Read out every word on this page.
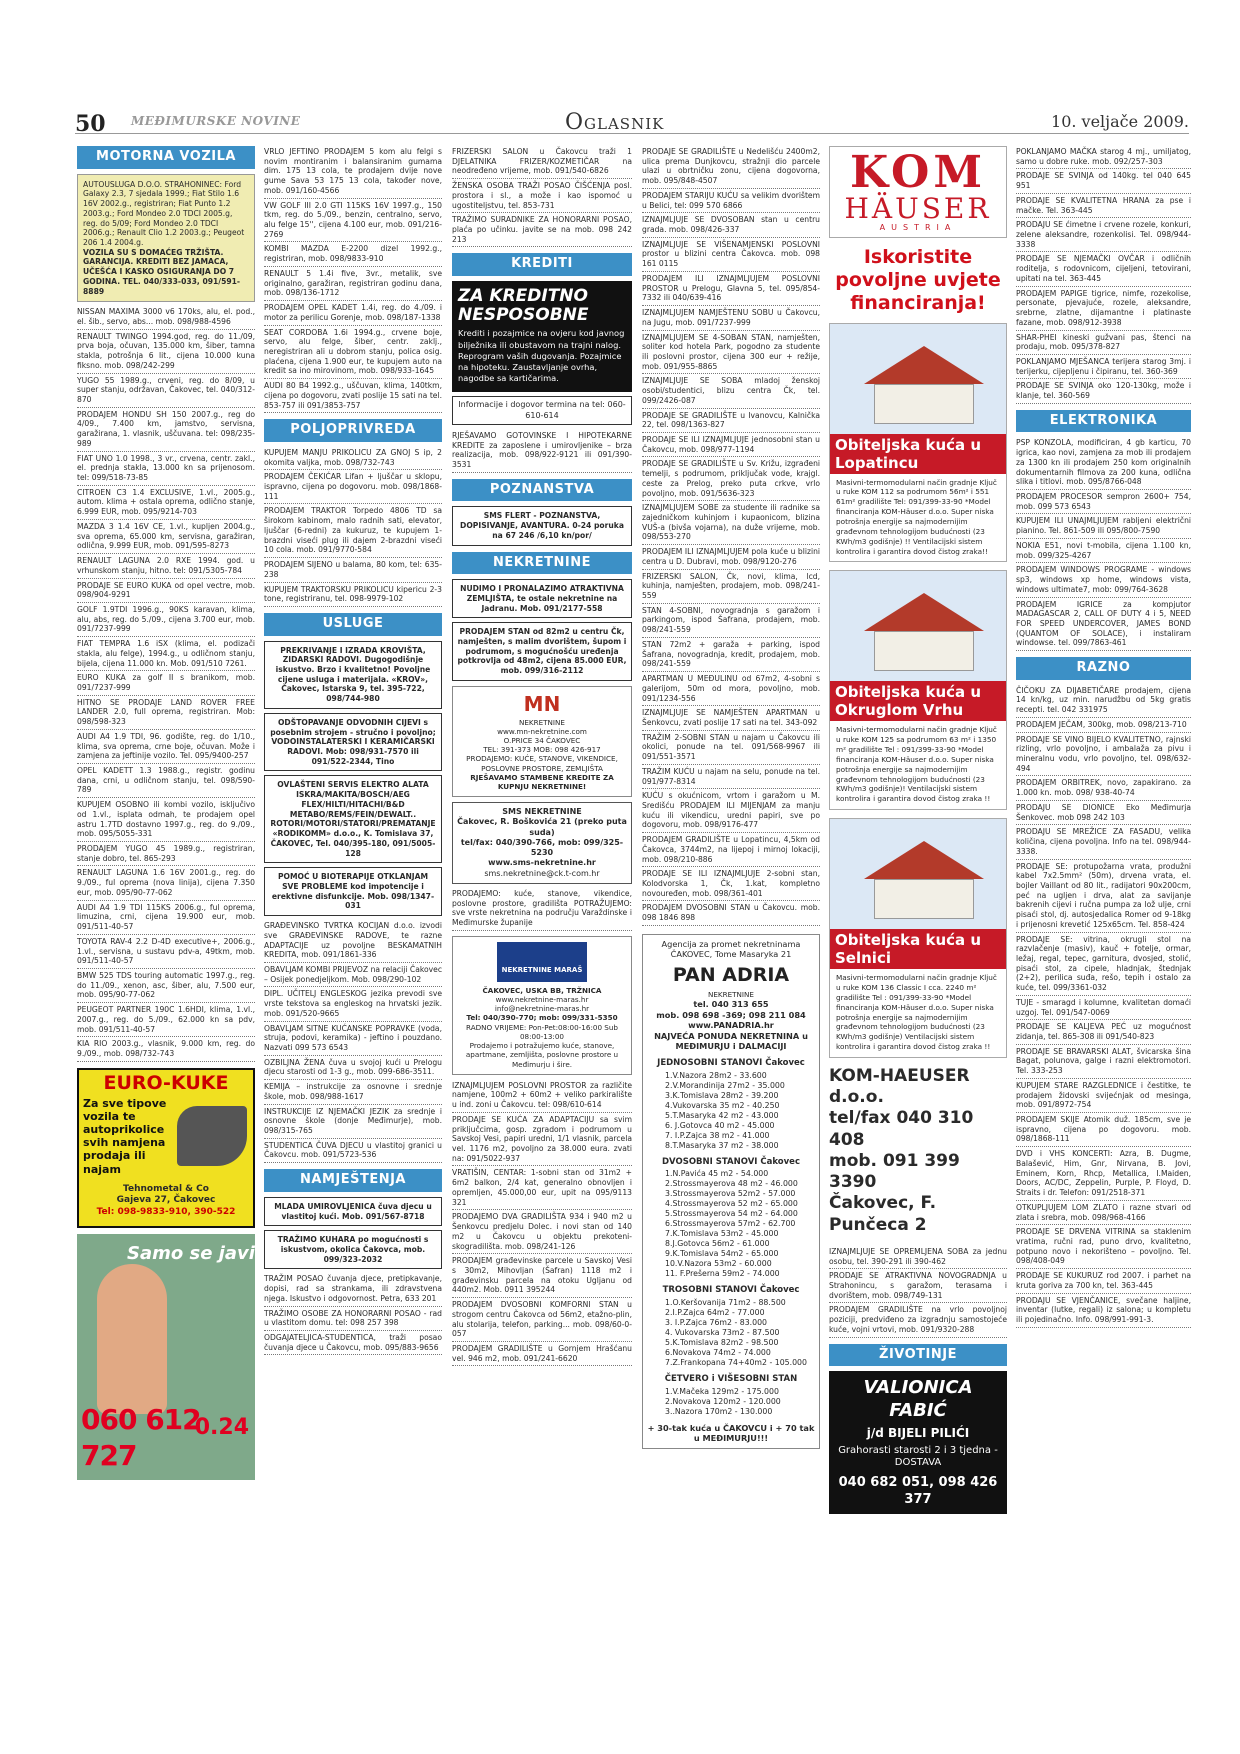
50 MEĐIMURSKE NOVINE	Oglasnik	10. veljače 2009.
MOTORNA VOZILA
AUTOUSLUGA D.O.O. STRAHONINEC: Ford Galaxy 2.3, 7 sjedala 1999.; Fiat Stilo 1.6 16V 2002.g., registriran; Fiat Punto 1.2 2003.g.; Ford Mondeo 2.0 TDCI 2005.g, reg. do 5/09; Ford Mondeo 2.0 TDCI 2006.g.; Renault Clio 1.2 2003.g.; Peugeot 206 1.4 2004.g.
VOZILA SU S DOMAĆEG TRŽIŠTA. GARANCIJA. KREDITI BEZ JAMACA, UČEŠĆA I KASKO OSIGURANJA DO 7 GODINA. TEL. 040/333-033, 091/591-8889
NISSAN MAXIMA 3000 v6 170ks, alu, el. pod., el. šib., servo, abs... mob. 098/988-4596
RENAULT TWINGO 1994.god, reg. do 11./09, prva boja, očuvan, 135.000 km, šiber, tamna stakla, potrošnja 6 lit., cijena 10.000 kuna fiksno. mob. 098/242-299
YUGO 55 1989.g., crveni, reg. do 8/09, u super stanju, održavan, Čakovec, tel. 040/312-870
PRODAJEM HONDU SH 150 2007.g., reg do 4/09., 7.400 km, jamstvo, servisna, garažirana, 1. vlasnik, uščuvana. tel: 098/235-989
FIAT UNO 1.0 1998., 3 vr., crvena, centr. zakl., el. prednja stakla, 13.000 kn sa prijenosom. tel: 099/518-73-85
CITROEN C3 1.4 EXCLUSIVE, 1.vl., 2005.g., autom. klima + ostala oprema, odlično stanje, 6.999 EUR, mob. 095/9214-703
MAZDA 3 1.4 16V CE, 1.vl., kupljen 2004.g., sva oprema, 65.000 km, servisna, garažiran, odlična, 9.999 EUR, mob. 091/595-8273
RENAULT LAGUNA 2.0 RXE 1994. god. u vrhunskom stanju, hitno. tel: 091/5305-784
PRODAJE SE EURO KUKA od opel vectre, mob. 098/904-9291
GOLF 1.9TDI 1996.g., 90KS karavan, klima, alu, abs, reg. do 5./09., cijena 3.700 eur, mob. 091/7237-999
FIAT TEMPRA 1.6 iSX (klima, el. podizači stakla, alu felge), 1994.g., u odličnom stanju, bijela, cijena 11.000 kn. Mob. 091/510 7261.
EURO KUKA za golf II s branikom, mob. 091/7237-999
HITNO SE PRODAJE LAND ROVER FREE LANDER 2.0, full oprema, registriran. Mob: 098/598-323
AUDI A4 1.9 TDI, 96. godište, reg. do 1/10., klima, sva oprema, crne boje, očuvan. Može i zamjena za jeftinije vozilo. Tel. 095/9400-257
OPEL KADETT 1.3 1988.g., registr. godinu dana, crni, u odličnom stanju, tel. 098/590-789
KUPUJEM OSOBNO ili kombi vozilo, isključivo od 1.vl., isplata odmah, te prodajem opel astru 1.7TD dostavno 1997.g., reg. do 9./09., mob. 095/5055-331
PRODAJEM YUGO 45 1989.g., registriran, stanje dobro, tel. 865-293
RENAULT LAGUNA 1.6 16V 2001.g., reg. do 9./09., ful oprema (nova linija), cijena 7.350 eur, mob. 095/90-77-062
AUDI A4 1.9 TDI 115KS 2006.g., ful oprema, limuzina, crni, cijena 19.900 eur, mob. 091/511-40-57
TOYOTA RAV-4 2.2 D-4D executive+, 2006.g., 1.vl., servisna, u sustavu pdv-a, 49tkm, mob. 091/511-40-57
BMW 525 TDS touring automatic 1997.g., reg. do 11./09., xenon, asc, šiber, alu, 7.500 eur, mob. 095/90-77-062
PEUGEOT PARTNER 190C 1.6HDI, klima, 1.vl., 2007.g., reg. do 5./09., 62.000 kn sa pdv, mob. 091/511-40-57
KIA RIO 2003.g., vlasnik, 9.000 km, reg. do 9./09., mob. 098/732-743
EURO-KUKE
Za sve tipove vozila te autoprikolice svih namjena prodaja ili najam
Tehnometal & Co
Gajeva 27, Čakovec
Tel: 098-9833-910, 390-522
Samo se javi
0.24
060 612 727
VRLO JEFTINO PRODAJEM 5 kom alu felgi s novim montiranim i balansiranim gumama dim. 175 13 cola, te prodajem dvije nove gume Sava 53 175 13 cola, također nove, mob. 091/160-4566
VW GOLF III 2.0 GTI 115KS 16V 1997.g., 150 tkm, reg. do 5./09., benzin, centralno, servo, alu felge 15'', cijena 4.100 eur, mob. 091/216-2769
KOMBI MAZDA E-2200 dizel 1992.g., registriran, mob. 098/9833-910
RENAULT 5 1.4i five, 3vr., metalik, sve originalno, garažiran, registriran godinu dana, mob. 098/136-1712
PRODAJEM OPEL KADET 1.4i, reg. do 4./09. i motor za perilicu Gorenje, mob. 098/187-1338
SEAT CORDOBA 1.6i 1994.g., crvene boje, servo, alu felge, šiber, centr. zaklj., neregistriran ali u dobrom stanju, polica osig. plaćena, cijena 1.900 eur, te kupujem auto na kredit sa ino mirovinom, mob. 098/933-1645
AUDI 80 B4 1992.g., uščuvan, klima, 140tkm, cijena po dogovoru, zvati poslije 15 sati na tel. 853-757 ili 091/3853-757
POLJOPRIVREDA
KUPUJEM MANJU PRIKOLICU ZA GNOJ S ip, 2 okomita valjka, mob. 098/732-743
PRODAJEM ČEKIĆAR Lifan + ljuščar u sklopu, ispravno, cijena po dogovoru. mob. 098/1868-111
PRODAJEM TRAKTOR Torpedo 4806 TD sa širokom kabinom, malo radnih sati, elevator, ljuščar (6-redni) za kukuruz, te kupujem 1-brazdni viseći plug ili dajem 2-brazdni viseći 10 cola. mob. 091/9770-584
PRODAJEM SIJENO u balama, 80 kom, tel: 635-238
KUPUJEM TRAKTORSKU PRIKOLICU kipericu 2-3 tone, registriranu, tel. 098-9979-102
USLUGE
PREKRIVANJE I IZRADA KROVIŠTA, ZIDARSKI RADOVI. Dugogodišnje iskustvo. Brzo i kvalitetno! Povoljne cijene usluga i materijala. «KROV», Čakovec, Istarska 9, tel. 395-722, 098/744-980
ODŠTOPAVANJE ODVODNIH CIJEVI s posebnim strojem - stručno i povoljno; VODOINSTALATERSKI I KERAMIČARSKI RADOVI. Mob: 098/931-7570 ili 091/522-2344, Tino
OVLAŠTENI SERVIS ELEKTRO ALATA ISKRA/MAKITA/BOSCH/AEG FLEX/HILTI/HITACHI/B&D METABO/REMS/FEIN/DEWALT.. ROTORI/MOTORI/STATORI/PREMATANJE «RODIKOMM» d.o.o., K. Tomislava 37, ČAKOVEC, Tel. 040/395-180, 091/5005-128
POMOĆ U BIOTERAPIJE OTKLANJAM SVE PROBLEME kod impotencije i erektivne disfunkcije. Mob. 098/1347-031
GRAĐEVINSKO TVRTKA KOCIJAN d.o.o. izvodi sve GRAĐEVINSKE RADOVE, te razne ADAPTACIJE uz povoljne BESKAMATNIH KREDITA, mob. 091/1861-336
OBAVLJAM KOMBI PRIJEVOZ na relaciji Čakovec – Osijek ponedjeljkom. Mob. 098/290-102
DIPL. UČITELJ ENGLESKOG jezika prevodi sve vrste tekstova sa engleskog na hrvatski jezik. mob. 091/520-9665
OBAVLJAM SITNE KUĆANSKE POPRAVKE (voda, struja, podovi, keramika) - jeftino i pouzdano. Nazvati 099 573 6543
OZBILJNA ŽENA čuva u svojoj kući u Prelogu djecu starosti od 1-3 g., mob. 099-686-3511.
KEMIJA – instrukcije za osnovne i srednje škole, mob. 098/988-1617
INSTRUKCIJE IZ NJEMAČKI JEZIK za srednje i osnovne škole (donje Međimurje), mob. 098/315-765
STUDENTICA ČUVA DJECU u vlastitoj granici u Čakovcu. mob. 091/5723-536
NAMJEŠTENJA
MLADA UMIROVLJENICA čuva djecu u vlastitoj kući. Mob. 091/567-8718
TRAŽIMO KUHARA po mogućnosti s iskustvom, okolica Čakovca, mob. 099/323-2032
TRAŽIM POSAO čuvanja djece, pretipkavanje, dopisi, rad sa strankama, ili zdravstvena njega. Iskustvo i odgovornost. Petra, 633 201
TRAŽIMO OSOBE ZA HONORARNI POSAO - rad u vlastitom domu. tel: 098 257 398
ODGAJATELJICA-STUDENTICA, traži posao čuvanja djece u Čakovcu, mob. 095/883-9656
FRIZERSKI SALON u Čakovcu traži 1 DJELATNIKA FRIZER/KOZMETIČAR na neodređeno vrijeme, mob. 091/540-6826
ŽENSKA OSOBA TRAŽI POSAO ČIŠĆENJA posl. prostora i sl., a može i kao ispomoć u ugostiteljstvu, tel. 853-731
TRAŽIMO SURADNIKE ZA HONORARNI POSAO, plaća po učinku. javite se na mob. 098 242 213
KREDITI
ZA KREDITNO NESPOSOBNE

Krediti i pozajmice na ovjeru kod javnog bilježnika ili obustavom na trajni nalog. Reprogram vaših dugovanja. Pozajmice na hipoteku. Zaustavljanje ovrha, nagodbe sa kartičarima.

Informacije i dogovor termina na tel: 060-610-614
RJEŠAVAMO GOTOVINSKE I HIPOTEKARNE KREDITE za zaposlene i umirovljenike – brza realizacija, mob. 098/922-9121 ili 091/390-3531
POZNANSTVA
SMS FLERT - POZNANSTVA, DOPISIVANJE, AVANTURA. 0-24 poruka na 67 246 /6,10 kn/por/
NEKRETNINE
NUDIMO I PRONALAZIMO ATRAKTIVNA ZEMLJIŠTA, te ostale nekretnine na Jadranu. Mob. 091/2177-558
PRODAJEM STAN od 82m2 u centru Čk, namješten, s malim dvorištem, šupom i podrumom, s mogućnošću uređenja potkrovlja od 48m2, cijena 85.000 EUR, mob. 099/316-2112
MN
NEKRETNINE
www.mn-nekretnine.com
O.PRICE 34 ČAKOVEC
TEL: 391-373 MOB: 098 426-917
PRODAJEMO: KUĆE, STANOVE, VIKENDICE, POSLOVNE PROSTORE, ZEMLJIŠTA
RJEŠAVAMO STAMBENE KREDITE ZA KUPNJU NEKRETNINE!
SMS NEKRETNINE
Čakovec, R. Boškovića 21 (preko puta suda)
tel/fax: 040/390-766, mob: 099/325-5230
www.sms-nekretnine.hr
sms.nekretnine@ck.t-com.hr
PRODAJEMO: kuće, stanove, vikendice, poslovne prostore, gradilišta POTRAŽUJEMO: sve vrste nekretnina na području Varaždinske i Međimurske županije
NEKRETNINE MARAŠ
ČAKOVEC, USKA BB, TRŽNICA
www.nekretnine-maras.hr
info@nekretnine-maras.hr
Tel: 040/390-770; mob: 099/331-5350
RADNO VRIJEME: Pon-Pet:08:00-16:00 Sub 08:00-13:00
Prodajemo i potražujemo kuće, stanove, apartmane, zemljišta, poslovne prostore u Međimurju i šire.
IZNAJMLJUJEM POSLOVNI PROSTOR za različite namjene, 100m2 + 60m2 + veliko parkiralište u ind. zoni u Čakovcu. tel: 098/610-614
PRODAJE SE KUĆA ZA ADAPTACIJU sa svim priključcima, gosp. zgradom i podrumom u Savskoj Vesi, papiri uredni, 1/1 vlasnik, parcela vel. 1176 m2, povoljno za 38.000 eura. zvati na: 091/5022-937
VRATIŠIN, CENTAR: 1-sobni stan od 31m2 + 6m2 balkon, 2/4 kat, generalno obnovljen i opremljen, 45.000,00 eur, upit na 095/9113 321
PRODAJEMO DVA GRADILIŠTA 934 i 940 m2 u Šenkovcu predjelu Dolec. i novi stan od 140 m2 u Čakovcu u objektu prekoteni-skogradilišta. mob. 098/241-126
PRODAJEM građevinske parcele u Savskoj Vesi s 30m2, Mihovljan (Šafran) 1118 m2 i građevinsku parcela na otoku Ugljanu od 440m2. Mob. 0911 395244
PRODAJEM DVOSOBNI KOMFORNI STAN u strogom centru Čakovca od 56m2, etažno-plin, alu stolarija, telefon, parking... mob. 098/60-0-057
PRODAJEM GRADILIŠTE u Gornjem Hrašćanu vel. 946 m2, mob. 091/241-6620
PRODAJE SE GRADILIŠTE u Nedelišću 2400m2, ulica prema Dunjkovcu, stražnji dio parcele ulazi u obrtničku zonu, cijena dogovorna, mob. 095/848-4507
PRODAJEM STARIJU KUĆU sa velikim dvorištem u Belici, tel: 099 570 6866
IZNAJMLJUJE SE DVOSOBAN stan u centru grada. mob. 098/426-337
IZNAJMLJUJE SE VIŠENAMJENSKI POSLOVNI prostor u blizini centra Čakovca. mob. 098 161 0115
PRODAJEM ILI IZNAJMLJUJEM POSLOVNI PROSTOR u Prelogu, Glavna 5, tel. 095/854-7332 ili 040/639-416
IZNAJMLJUJEM NAMJEŠTENU SOBU u Čakovcu, na Jugu, mob. 091/7237-999
IZNAJMLJUJEM SE 4-SOBAN STAN, namješten, soliter kod hotela Park, pogodno za studente ili poslovni prostor, cijena 300 eur + režije, mob. 091/955-8865
IZNAJMLJUJE SE SOBA mladoj ženskoj osobi/studentici, blizu centra Čk, tel. 099/2426-087
PRODAJE SE GRADILIŠTE u Ivanovcu, Kalnička 22, tel. 098/1363-827
PRODAJE SE ILI IZNAJMLJUJE jednosobni stan u Čakovcu, mob. 098/977-1194
PRODAJE SE GRADILIŠTE u Sv. Križu, izgrađeni temelji, s podrumom, priključak vode, krajgl. ceste za Prelog, preko puta crkve, vrlo povoljno, mob. 091/5636-323
IZNAJMLJUJEM SOBE za studente ili radnike sa zajedničkom kuhinjom i kupaonicom, blizina VUŠ-a (bivša vojarna), na duže vrijeme, mob. 098/553-270
PRODAJEM ILI IZNAJMLJUJEM pola kuće u blizini centra u D. Dubravi, mob. 098/9120-276
FRIZERSKI SALON, Čk, novi, klima, lcd, kuhinja, namješten, prodajem, mob. 098/241-559
STAN 4-SOBNI, novogradnja s garažom i parkingom, ispod Šafrana, prodajem, mob. 098/241-559
STAN 72m2 + garaža + parking, ispod Šafrana, novogradnja, kredit, prodajem, mob. 098/241-559
APARTMAN U MEĐULINU od 67m2, 4-sobni s galerijom, 50m od mora, povoljno, mob. 091/1234-556
IZNAJMLJUJE SE NAMJEŠTEN APARTMAN u Šenkovcu, zvati poslije 17 sati na tel. 343-092
TRAŽIM 2-SOBNI STAN u najam u Čakovcu ili okolici, ponude na tel. 091/568-9967 ili 091/551-3571
TRAŽIM KUĆU u najam na selu, ponude na tel. 091/977-8314
KUĆU s okućnicom, vrtom i garažom u M. Središću PRODAJEM ILI MIJENJAM za manju kuću ili vikendicu, uredni papiri, sve po dogovoru, mob. 098/9176-477
PRODAJEM GRADILIŠTE u Lopatincu, 4,5km od Čakovca, 3744m2, na lijepoj i mirnoj lokaciji, mob. 098/210-886
PRODAJE SE ILI IZNAJMLJUJE 2-sobni stan, Kolodvorska 1, Čk, 1.kat, kompletno novouređen, mob. 098/361-401
PRODAJEM DVOSOBNI STAN u Čakovcu. mob. 098 1846 898
Agencija za promet nekretninama ČAKOVEC, Tome Masaryka 21
PAN ADRIA
NEKRETNINE
tel. 040 313 655
mob. 098 698 -369; 098 211 084
www.PANADRIA.hr
NAJVEĆA PONUDA NEKRETNINA u MEĐIMURJU i DALMACIJI
JEDNOSOBNI STANOVI Čakovec
1.V.Nazora 28m2 - 33.600
2.V.Morandinija 27m2 - 35.000
3.K.Tomislava 28m2 - 39.200
4.Vukovarska 35 m2 - 40.250
5.T.Masaryka 42 m2 - 43.000
6. J.Gotovca 40 m2 - 45.000
7. I.P.Zajca 38 m2 - 41.000
8.T.Masaryka 37 m2 - 38.000
DVOSOBNI STANOVI Čakovec
1.N.Pavića 45 m2 - 54.000
2.Strossmayerova 48 m2 - 46.000
3.Strossmayerova 52m2 - 57.000
4.Strossmayerova 52 m2 - 65.000
5.Strossmayerova 54 m2 - 64.000
6.Strossmayerova 57m2 - 62.700
7.K.Tomislava 53m2 - 45.000
8.J.Gotovca 56m2 - 61.000
9.K.Tomislava 54m2 - 65.000
10.V.Nazora 53m2 - 60.000
11. F.Prešerna 59m2 - 74.000
TROSOBNI STANOVI Čakovec
1.O.Keršovanija 71m2 - 88.500
2.I.P.Zajca 64m2 - 77.000
3. I.P.Zajca 76m2 - 83.000
4. Vukovarska 73m2 - 87.500
5.K.Tomislava 82m2 - 98.500
6.Novakova 74m2 - 74.000
7.Z.Frankopana 74+40m2 - 105.000
ČETVERO i VIŠESOBNI STAN
1.V.Mačeka 129m2 - 175.000
2.Novakova 120m2 - 120.000
3..Nazora 170m2 - 130.000
+ 30-tak kuća u ČAKOVCU i + 70 tak u MEĐIMURJU!!!
KOM
HÄUSER
AUSTRIA
Iskoristite povoljne uvjete financiranja!
Obiteljska kuća u Lopatincu
Masivni-termomodularni način gradnje Ključ u ruke KOM 112 sa podrumom 56m² i 551 61m² gradilište Tel: 091/399-33-90 *Model financiranja KOM-Häuser d.o.o. Super niska potrošnja energije sa najmodernijim građevnom tehnologijom budućnosti (23 KWh/m3 godišnje) !! Ventilacijski sistem kontrolira i garantira dovod čistog zraka!!
Obiteljska kuća u Okruglom Vrhu
Masivni-termomodularni način gradnje Ključ u ruke KOM 125 sa podrumom 63 m² i 1350 m² gradilište Tel : 091/399-33-90 *Model financiranja KOM-Häuser d.o.o. Super niska potrošnja energije sa najmodernijim građevnom tehnologijom budućnosti (23 KWh/m3 godišnje)! Ventilacijski sistem kontrolira i garantira dovod čistog zraka !!
Obiteljska kuća u Selnici
Masivni-termomodularni način gradnje Ključ u ruke KOM 136 Classic I cca. 2240 m² gradilište Tel : 091/399-33-90 *Model financiranja KOM-Häuser d.o.o. Super niska potrošnja energije sa najmodernijim građevnom tehnologijom budućnosti (23 KWh/m3 godišnje) Ventilacijski sistem kontrolira i garantira dovod čistog zraka !!
KOM-HAEUSER d.o.o.
tel/fax 040 310 408
mob. 091 399 3390
Čakovec, F. Punčeca 2
IZNAJMLJUJE SE OPREMLJENA SOBA za jednu osobu, tel. 390-291 ili 390-462
PRODAJE SE ATRAKTIVNA NOVOGRADNJA u Strahonincu, s garažom, terasama i dvorištem, mob. 098/749-131
PRODAJEM GRADILIŠTE na vrlo povoljnoj poziciji, predviđeno za izgradnju samostojeće kuće, vojni vrtovi, mob. 091/9320-288
ŽIVOTINJE
VALIONICA FABIĆ
j/d BIJELI PILIĆI
Grahorasti starosti 2 i 3 tjedna - DOSTAVA
040 682 051, 098 426 377
POKLANJAMO MAČKA starog 4 mj., umiljatog, samo u dobre ruke. mob. 092/257-303
PRODAJE SE SVINJA od 140kg. tel 040 645 951
PRODAJE SE KVALITETNA HRANA za pse i mačke. Tel. 363-445
PRODAJU SE ćimetne i crvene rozele, konkuri, zelene aleksandre, rozenkolisi. Tel. 098/944-3338
PRODAJE SE NJEMAČKI OVČAR i odličnih roditelja, s rodovnicom, cijeljeni, tetovirani, upitati na tel. 363-445
PRODAJEM PAPIGE tigrice, nimfe, rozekolise, personate, pjevajuće, rozele, aleksandre, srebrne, zlatne, dijamantne i platinaste fazane, mob. 098/912-3938
SHAR-PHEI kineski gužvani pas, štenci na prodaju, mob. 095/378-827
POKLANJAMO MJEŠANCA terijera starog 3mj. i terijerku, cijepljenu i čipiranu, tel. 360-369
PRODAJE SE SVINJA oko 120-130kg, može i klanje, tel. 360-569
ELEKTRONIKA
PSP KONZOLA, modificiran, 4 gb karticu, 70 igrica, kao novi, zamjena za mob ili prodajem za 1300 kn ili prodajem 250 kom originalnih dokumentarnih filmova za 200 kuna, odlična slika i titlovi. mob. 095/8766-048
PRODAJEM PROCESOR sempron 2600+ 754, mob. 099 573 6543
KUPUJEM ILI UNAJMLJUJEM rabljeni električni pianino. Tel. 861-509 ili 095/800-7590
NOKIA E51, novi t-mobila, cijena 1.100 kn, mob. 099/325-4267
PRODAJEM WINDOWS PROGRAME - windows sp3, windows xp home, windows vista, windows ultimate7, mob: 099/764-3628
PRODAJEM IGRICE za kompjutor MADAGASCAR 2, CALL OF DUTY 4 i 5, NEED FOR SPEED UNDERCOVER, JAMES BOND (QUANTOM OF SOLACE), i instaliram windowse. tel. 099/7863-461
RAZNO
ČIČOKU ZA DIJABETIČARE prodajem, cijena 14 kn/kg, uz min. narudžbu od 5kg gratis recepti. tel. 042 331975
PRODAJEM JEČAM, 300kg, mob. 098/213-710
PRODAJE SE VINO BIJELO KVALITETNO, rajnski rizling, vrlo povoljno, i ambalaža za pivu i mineralnu vodu, vrlo povoljno, tel. 098/632-494
PRODAJEM ORBITREK, novo, zapakirano. za 1.000 kn. mob. 098/ 938-40-74
PRODAJU SE DIONICE Eko Međimurja Šenkovec. mob 098 242 103
PRODAJU SE MREŽICE ZA FASADU, velika količina, cijena povoljna. Info na tel. 098/944-3338.
PRODAJE SE: protupožarna vrata, produžni kabel 7x2.5mm² (50m), drvena vrata, el. bojler Vaillant od 80 lit., radijatori 90x200cm, peć na ugljen i drva, alat za savijanje bakrenih cijevi i ručna pumpa za lož ulje, crni pisaći stol, dj. autosjedalica Romer od 9-18kg i prijenosni krevetić 125x65cm. Tel. 858-424
PRODAJE SE: vitrina, okrugli stol na razvlačenje (masiv), kauč + fotelje, ormar, ležaj, regal, tepec, garnitura, dvosjed, stolić, pisaći stol, za cipele, hladnjak, štednjak (2+2), perilica suđa, rešo, tepih i ostalo za kuće, tel. 099/3361-032
TUJE - smaragd i kolumne, kvalitetan domaći uzgoj. Tel. 091/547-0069
PRODAJE SE KALJEVA PEĆ uz mogućnost zidanja, tel. 865-308 ili 091/540-823
PRODAJE SE BRAVARSKI ALAT, švicarska šina Bagat, polunova, galge i razni elektromotori. Tel. 333-253
KUPUJEM STARE RAZGLEDNICE i čestitke, te prodajem židovski svijećnjak od mesinga, mob. 091/8972-754
PRODAJEM SKIJE Atomik duž. 185cm, sve je ispravno, cijena po dogovoru. mob. 098/1868-111
DVD i VHS KONCERTI: Azra, B. Dugme, Balašević, Him, Gnr, Nirvana, B. Jovi, Eminem, Korn, Rhcp, Metallica, I.Maiden, Doors, AC/DC, Zeppelin, Purple, P. Floyd, D. Straits i dr. Telefon: 091/2518-371
OTKUPLJUJEM LOM ZLATO i razne stvari od zlata i srebra, mob. 098/968-4166
PRODAJE SE DRVENA VITRINA sa staklenim vratima, ručni rad, puno drvo, kvalitetno, potpuno novo i nekorišteno – povoljno. Tel. 098/408-049
PRODAJE SE KUKURUZ rod 2007. i parhet na kruta goriva za 700 kn, tel. 363-445
PRODAJU SE VJENČANICE, svečane haljine, inventar (lutke, regali) iz salona; u kompletu ili pojedinačno. Info. 098/991-991-3.
